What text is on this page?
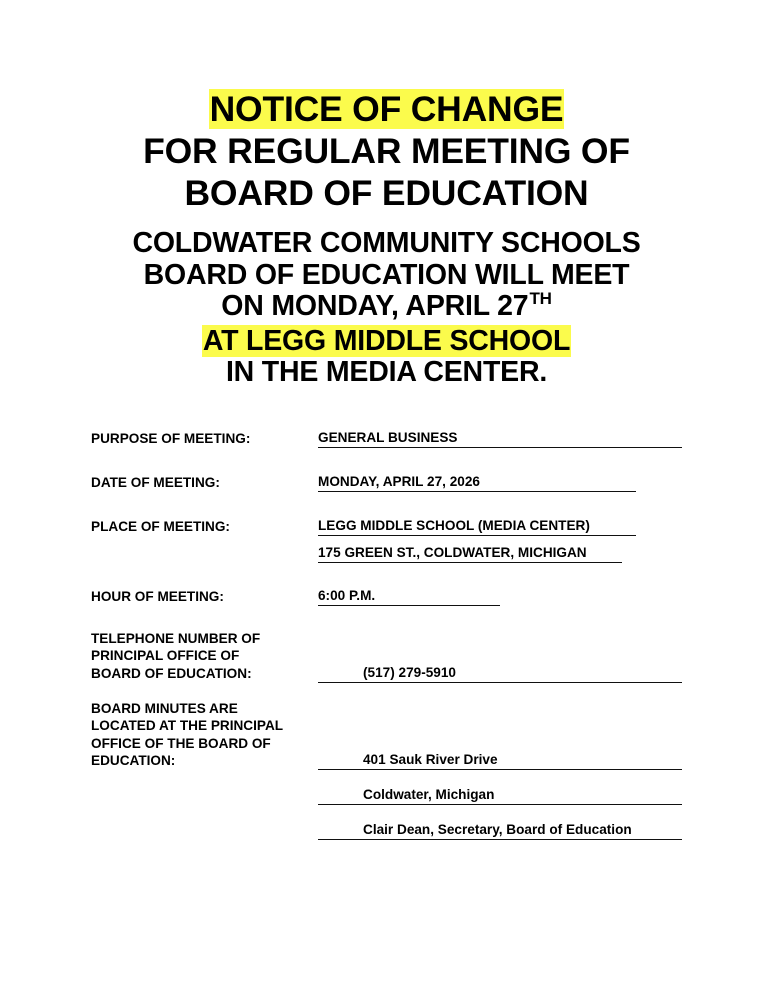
NOTICE OF CHANGE
FOR REGULAR MEETING OF
BOARD OF EDUCATION
COLDWATER COMMUNITY SCHOOLS
BOARD OF EDUCATION WILL MEET
ON MONDAY, APRIL 27TH
AT LEGG MIDDLE SCHOOL
IN THE MEDIA CENTER.
PURPOSE OF MEETING:	GENERAL BUSINESS
DATE OF MEETING:	MONDAY, APRIL 27, 2026
PLACE OF MEETING:	LEGG MIDDLE SCHOOL (MEDIA CENTER)
175 GREEN ST., COLDWATER, MICHIGAN
HOUR OF MEETING:	6:00 P.M.
TELEPHONE NUMBER OF
PRINCIPAL OFFICE OF
BOARD OF EDUCATION:	(517) 279-5910
BOARD MINUTES ARE
LOCATED AT THE PRINCIPAL
OFFICE OF THE BOARD OF
EDUCATION:	401 Sauk River Drive
Coldwater, Michigan
Clair Dean, Secretary, Board of Education
